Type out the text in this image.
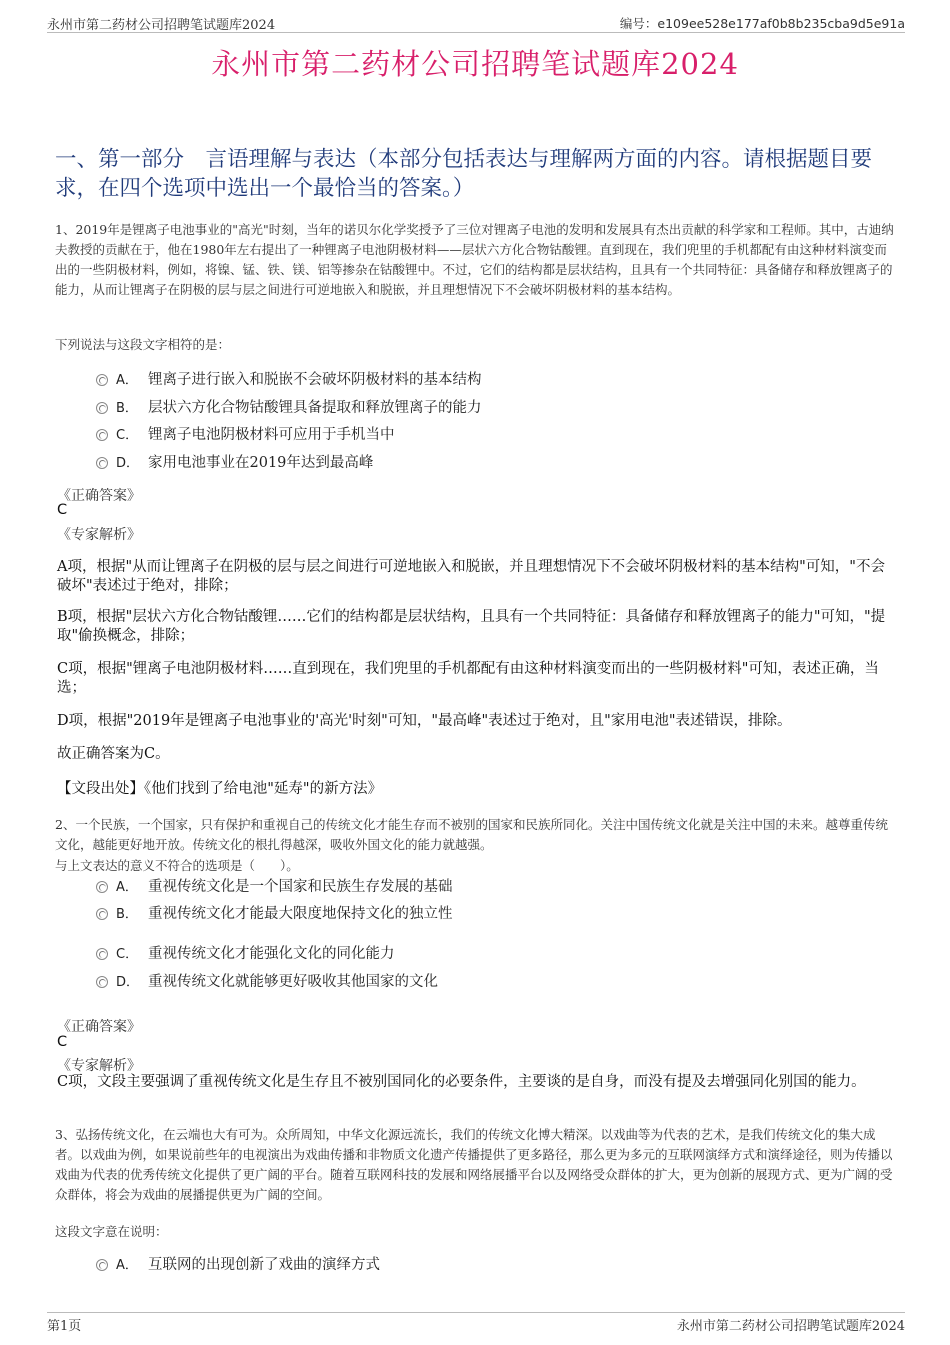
永州市第二药材公司招聘笔试题库2024	编号：e109ee528e177af0b8b235cba9d5e91a
永州市第二药材公司招聘笔试题库2024
一、第一部分　言语理解与表达（本部分包括表达与理解两方面的内容。请根据题目要求，在四个选项中选出一个最恰当的答案。）
1、2019年是锂离子电池事业的"高光"时刻，当年的诺贝尔化学奖授予了三位对锂离子电池的发明和发展具有杰出贡献的科学家和工程师。其中，古迪纳夫教授的贡献在于，他在1980年左右提出了一种锂离子电池阴极材料——层状六方化合物钴酸锂。直到现在，我们兜里的手机都配有由这种材料演变而出的一些阴极材料，例如，将镍、锰、铁、镁、铝等掺杂在钴酸锂中。不过，它们的结构都是层状结构，且具有一个共同特征：具备储存和释放锂离子的能力，从而让锂离子在阴极的层与层之间进行可逆地嵌入和脱嵌，并且理想情况下不会破坏阴极材料的基本结构。
下列说法与这段文字相符的是：
A． 锂离子进行嵌入和脱嵌不会破坏阴极材料的基本结构
B． 层状六方化合物钴酸锂具备提取和释放锂离子的能力
C． 锂离子电池阴极材料可应用于手机当中
D． 家用电池事业在2019年达到最高峰
《正确答案》
C
《专家解析》
A项，根据"从而让锂离子在阴极的层与层之间进行可逆地嵌入和脱嵌，并且理想情况下不会破坏阴极材料的基本结构"可知，"不会破坏"表述过于绝对，排除；
B项，根据"层状六方化合物钴酸锂……它们的结构都是层状结构，且具有一个共同特征：具备储存和释放锂离子的能力"可知，"提取"偷换概念，排除；
C项，根据"锂离子电池阴极材料……直到现在，我们兜里的手机都配有由这种材料演变而出的一些阴极材料"可知，表述正确，当选；
D项，根据"2019年是锂离子电池事业的'高光'时刻"可知，"最高峰"表述过于绝对，且"家用电池"表述错误，排除。
故正确答案为C。
【文段出处】《他们找到了给电池"延寿"的新方法》
2、一个民族，一个国家，只有保护和重视自己的传统文化才能生存而不被别的国家和民族所同化。关注中国传统文化就是关注中国的未来。越尊重传统文化，越能更好地开放。传统文化的根扎得越深，吸收外国文化的能力就越强。
与上文表达的意义不符合的选项是（　　）。
A． 重视传统文化是一个国家和民族生存发展的基础
B． 重视传统文化才能最大限度地保持文化的独立性
C． 重视传统文化才能强化文化的同化能力
D． 重视传统文化就能够更好吸收其他国家的文化
《正确答案》
C
《专家解析》
C项，文段主要强调了重视传统文化是生存且不被别国同化的必要条件，主要谈的是自身，而没有提及去增强同化别国的能力。
3、弘扬传统文化，在云端也大有可为。众所周知，中华文化源远流长，我们的传统文化博大精深。以戏曲等为代表的艺术，是我们传统文化的集大成者。以戏曲为例，如果说前些年的电视演出为戏曲传播和非物质文化遗产传播提供了更多路径，那么更为多元的互联网演绎方式和演绎途径，则为传播以戏曲为代表的优秀传统文化提供了更广阔的平台。随着互联网科技的发展和网络展播平台以及网络受众群体的扩大，更为创新的展现方式、更为广阔的受众群体，将会为戏曲的展播提供更为广阔的空间。
这段文字意在说明：
A． 互联网的出现创新了戏曲的演绎方式
第1页	永州市第二药材公司招聘笔试题库2024
